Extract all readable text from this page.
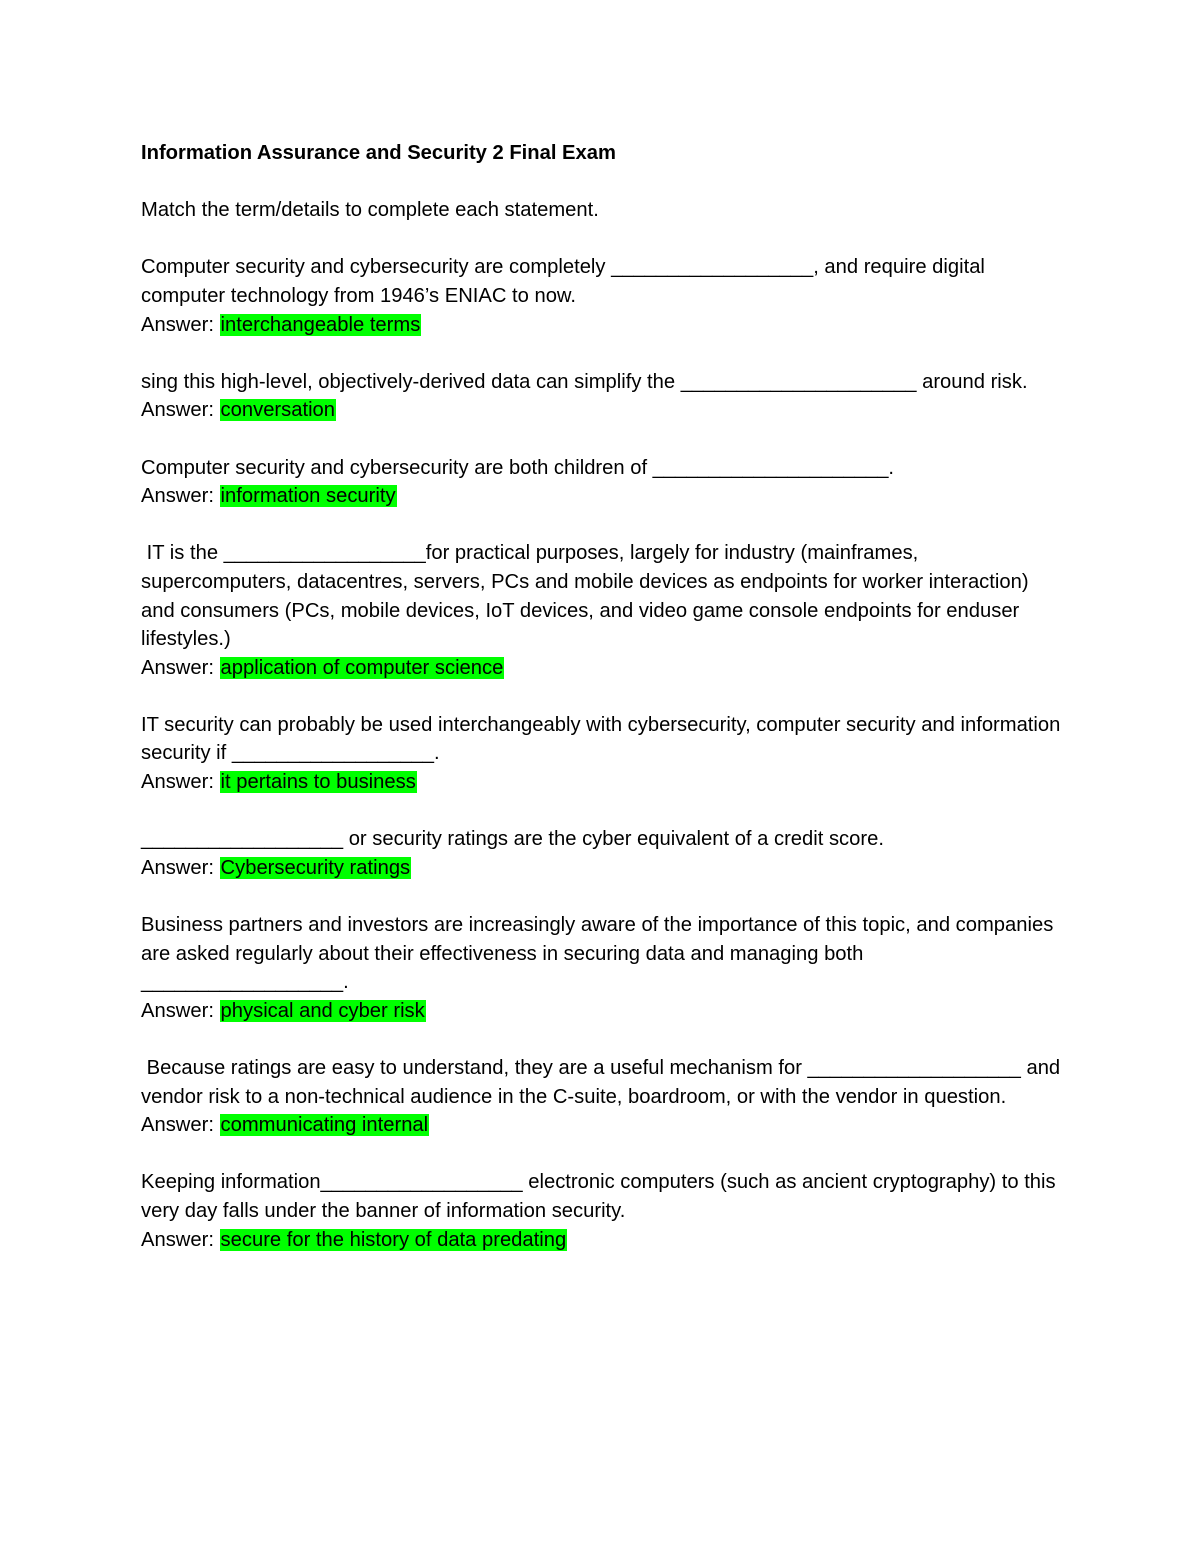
Information Assurance and Security 2 Final Exam

Match the term/details to complete each statement.

Computer security and cybersecurity are completely __________________, and require digital computer technology from 1946’s ENIAC to now.

Answer: interchangeable terms

sing this high-level, objectively-derived data can simplify the _____________________ around risk.

Answer: conversation

Computer security and cybersecurity are both children of _____________________.

Answer: information security

IT is the __________________for practical purposes, largely for industry (mainframes, supercomputers, datacentres, servers, PCs and mobile devices as endpoints for worker interaction) and consumers (PCs, mobile devices, IoT devices, and video game console endpoints for enduser lifestyles.)

Answer: application of computer science

IT security can probably be used interchangeably with cybersecurity, computer security and information security if __________________.

Answer: it pertains to business

__________________ or security ratings are the cyber equivalent of a credit score.

Answer: Cybersecurity ratings

Business partners and investors are increasingly aware of the importance of this topic, and companies are asked regularly about their effectiveness in securing data and managing both __________________.

Answer: physical and cyber risk

Because ratings are easy to understand, they are a useful mechanism for ___________________ and vendor risk to a non-technical audience in the C-suite, boardroom, or with the vendor in question.

Answer: communicating internal

Keeping information__________________ electronic computers (such as ancient cryptography) to this very day falls under the banner of information security.

Answer: secure for the history of data predating
